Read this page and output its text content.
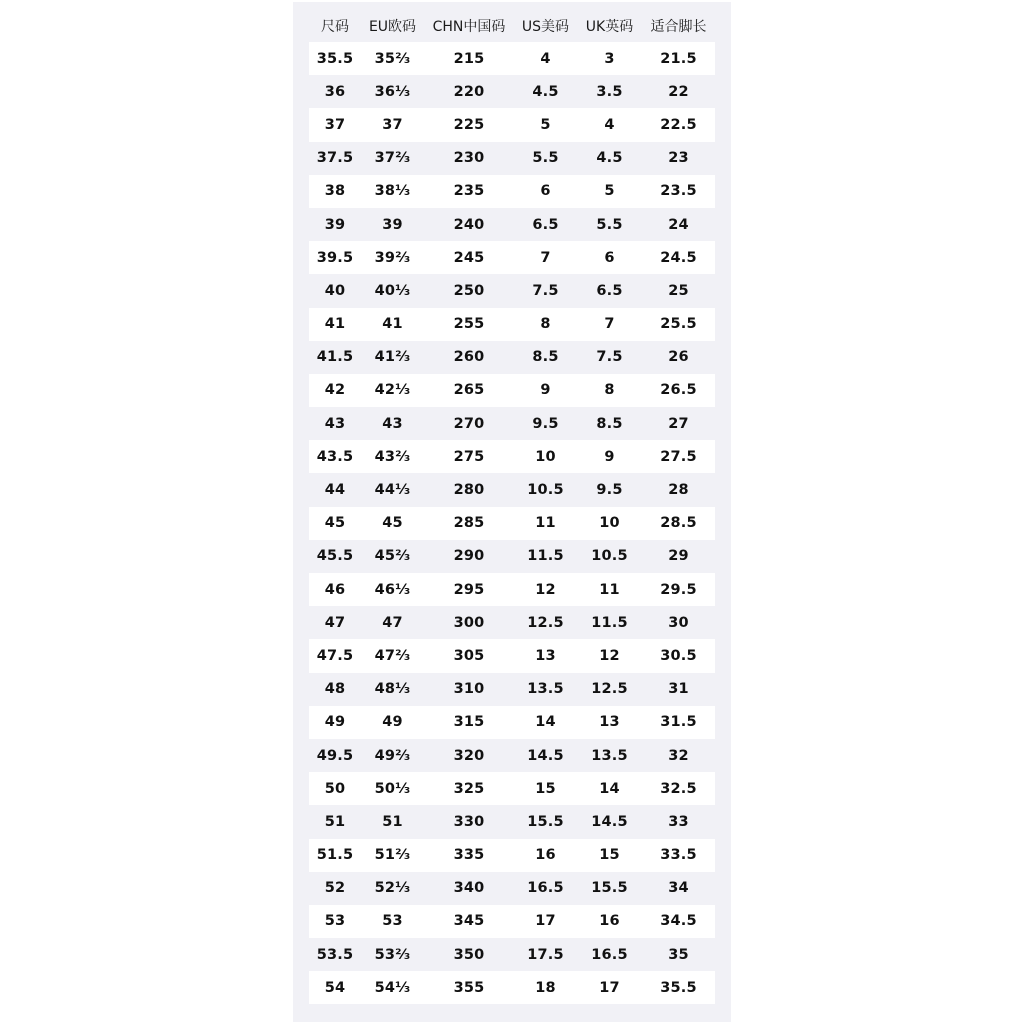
尺码	EU欧码	CHN中国码	US美码	UK英码	适合脚长
35.5	35⅔	215	4	3	21.5
36	36⅓	220	4.5	3.5	22
37	37	225	5	4	22.5
37.5	37⅔	230	5.5	4.5	23
38	38⅓	235	6	5	23.5
39	39	240	6.5	5.5	24
39.5	39⅔	245	7	6	24.5
40	40⅓	250	7.5	6.5	25
41	41	255	8	7	25.5
41.5	41⅔	260	8.5	7.5	26
42	42⅓	265	9	8	26.5
43	43	270	9.5	8.5	27
43.5	43⅔	275	10	9	27.5
44	44⅓	280	10.5	9.5	28
45	45	285	11	10	28.5
45.5	45⅔	290	11.5	10.5	29
46	46⅓	295	12	11	29.5
47	47	300	12.5	11.5	30
47.5	47⅔	305	13	12	30.5
48	48⅓	310	13.5	12.5	31
49	49	315	14	13	31.5
49.5	49⅔	320	14.5	13.5	32
50	50⅓	325	15	14	32.5
51	51	330	15.5	14.5	33
51.5	51⅔	335	16	15	33.5
52	52⅓	340	16.5	15.5	34
53	53	345	17	16	34.5
53.5	53⅔	350	17.5	16.5	35
54	54⅓	355	18	17	35.5
